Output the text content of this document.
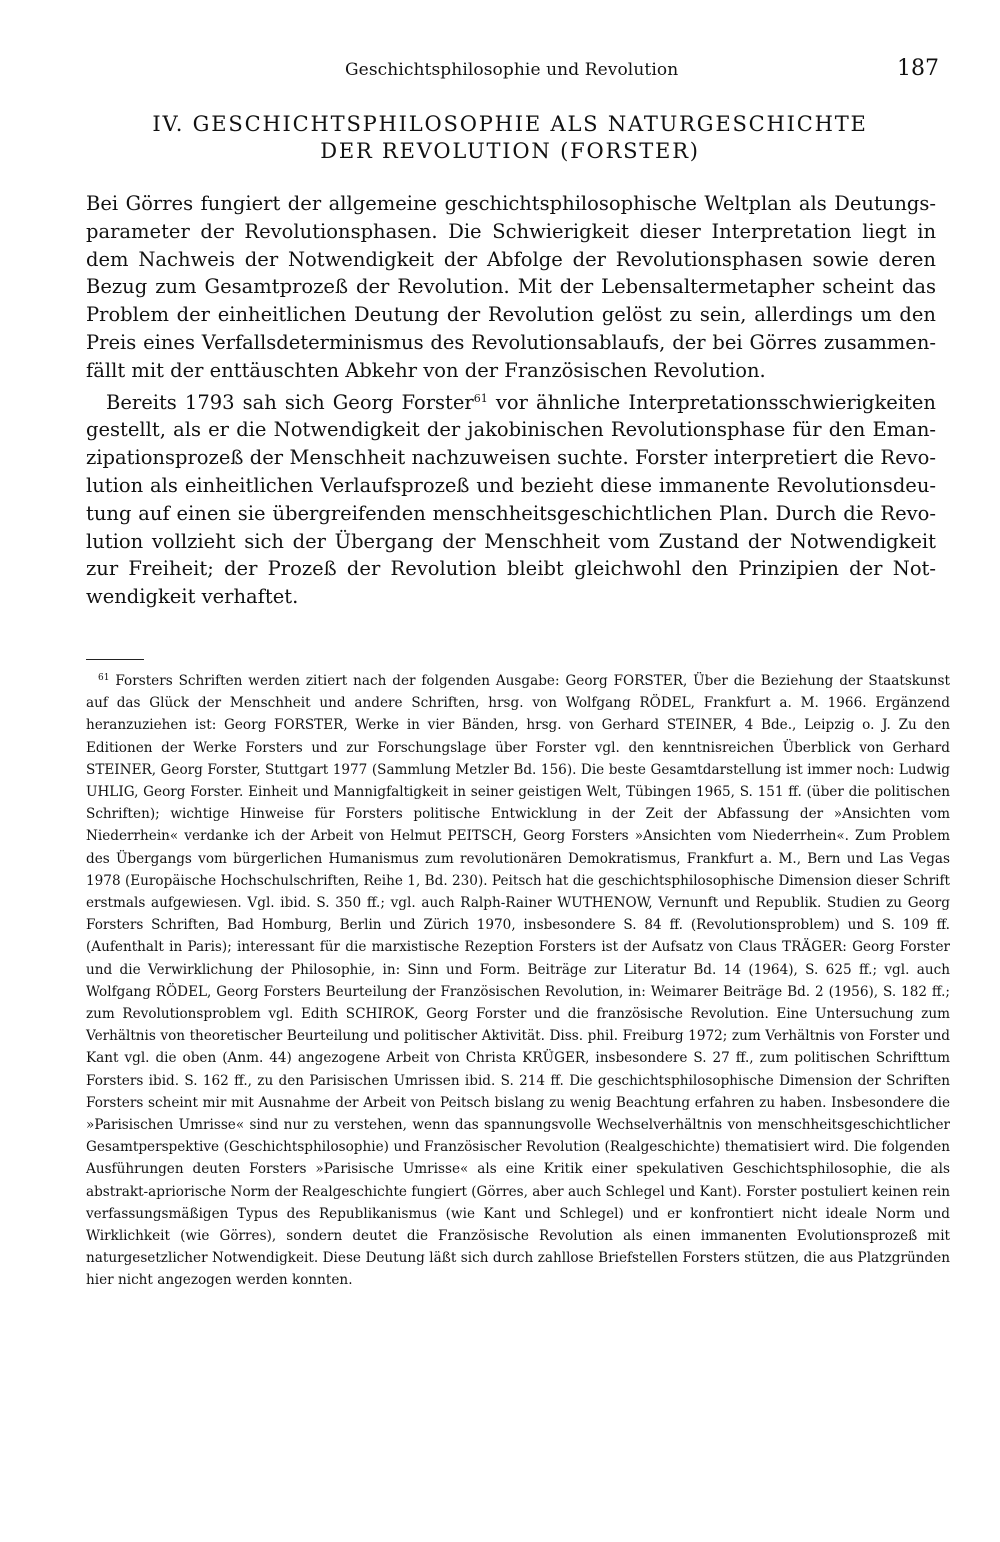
Geschichtsphilosophie und Revolution	187
IV. GESCHICHTSPHILOSOPHIE ALS NATURGESCHICHTE
DER REVOLUTION (FORSTER)

Bei Görres fungiert der allgemeine geschichtsphilosophische Weltplan als Deutungsparameter der Revolutionsphasen. Die Schwierigkeit dieser Interpretation liegt in dem Nachweis der Notwendigkeit der Abfolge der Revolutionsphasen sowie deren Bezug zum Gesamtprozeß der Revolution. Mit der Lebensaltermetapher scheint das Problem der einheitlichen Deutung der Revolution gelöst zu sein, allerdings um den Preis eines Verfallsdeterminismus des Revolutionsablaufs, der bei Görres zusammenfällt mit der enttäuschten Abkehr von der Französischen Revolution.

Bereits 1793 sah sich Georg Forster$^{61}$ vor ähnliche Interpretationsschwierigkeiten gestellt, als er die Notwendigkeit der jakobinischen Revolutionsphase für den Emanzipationsprozeß der Menschheit nachzuweisen suchte. Forster interpretiert die Revolution als einheitlichen Verlaufsprozeß und bezieht diese immanente Revolutionsdeutung auf einen sie übergreifenden menschheitsgeschichtlichen Plan. Durch die Revolution vollzieht sich der Übergang der Menschheit vom Zustand der Notwendigkeit zur Freiheit; der Prozeß der Revolution bleibt gleichwohl den Prinzipien der Notwendigkeit verhaftet.

$^{61}$ Forsters Schriften werden zitiert nach der folgenden Ausgabe: Georg FORSTER, Über die Beziehung der Staatskunst auf das Glück der Menschheit und andere Schriften, hrsg. von Wolfgang RÖDEL, Frankfurt a. M. 1966. Ergänzend heranzuziehen ist: Georg FORSTER, Werke in vier Bänden, hrsg. von Gerhard STEINER, 4 Bde., Leipzig o. J. Zu den Editionen der Werke Forsters und zur Forschungslage über Forster vgl. den kenntnisreichen Überblick von Gerhard STEINER, Georg Forster, Stuttgart 1977 (Sammlung Metzler Bd. 156). Die beste Gesamtdarstellung ist immer noch: Ludwig UHLIG, Georg Forster. Einheit und Mannigfaltigkeit in seiner geistigen Welt, Tübingen 1965, S. 151 ff. (über die politischen Schriften); wichtige Hinweise für Forsters politische Entwicklung in der Zeit der Abfassung der »Ansichten vom Niederrhein« verdanke ich der Arbeit von Helmut PEITSCH, Georg Forsters »Ansichten vom Niederrhein«. Zum Problem des Übergangs vom bürgerlichen Humanismus zum revolutionären Demokratismus, Frankfurt a. M., Bern und Las Vegas 1978 (Europäische Hochschulschriften, Reihe 1, Bd. 230). Peitsch hat die geschichtsphilosophische Dimension dieser Schrift erstmals aufgewiesen. Vgl. ibid. S. 350 ff.; vgl. auch Ralph-Rainer WUTHENOW, Vernunft und Republik. Studien zu Georg Forsters Schriften, Bad Homburg, Berlin und Zürich 1970, insbesondere S. 84 ff. (Revolutionsproblem) und S. 109 ff. (Aufenthalt in Paris); interessant für die marxistische Rezeption Forsters ist der Aufsatz von Claus TRÄGER: Georg Forster und die Verwirklichung der Philosophie, in: Sinn und Form. Beiträge zur Literatur Bd. 14 (1964), S. 625 ff.; vgl. auch Wolfgang RÖDEL, Georg Forsters Beurteilung der Französischen Revolution, in: Weimarer Beiträge Bd. 2 (1956), S. 182 ff.; zum Revolutionsproblem vgl. Edith SCHIROK, Georg Forster und die französische Revolution. Eine Untersuchung zum Verhältnis von theoretischer Beurteilung und politischer Aktivität. Diss. phil. Freiburg 1972; zum Verhältnis von Forster und Kant vgl. die oben (Anm. 44) angezogene Arbeit von Christa KRÜGER, insbesondere S. 27 ff., zum politischen Schrifttum Forsters ibid. S. 162 ff., zu den Parisischen Umrissen ibid. S. 214 ff. Die geschichtsphilosophische Dimension der Schriften Forsters scheint mir mit Ausnahme der Arbeit von Peitsch bislang zu wenig Beachtung erfahren zu haben. Insbesondere die »Parisischen Umrisse« sind nur zu verstehen, wenn das spannungsvolle Wechselverhältnis von menschheitsgeschichtlicher Gesamtperspektive (Geschichtsphilosophie) und Französischer Revolution (Realgeschichte) thematisiert wird. Die folgenden Ausführungen deuten Forsters »Parisische Umrisse« als eine Kritik einer spekulativen Geschichtsphilosophie, die als abstrakt-apriorische Norm der Realgeschichte fungiert (Görres, aber auch Schlegel und Kant). Forster postuliert keinen rein verfassungsmäßigen Typus des Republikanismus (wie Kant und Schlegel) und er konfrontiert nicht ideale Norm und Wirklichkeit (wie Görres), sondern deutet die Französische Revolution als einen immanenten Evolutionsprozeß mit naturgesetzlicher Notwendigkeit. Diese Deutung läßt sich durch zahllose Briefstellen Forsters stützen, die aus Platzgründen hier nicht angezogen werden konnten.
